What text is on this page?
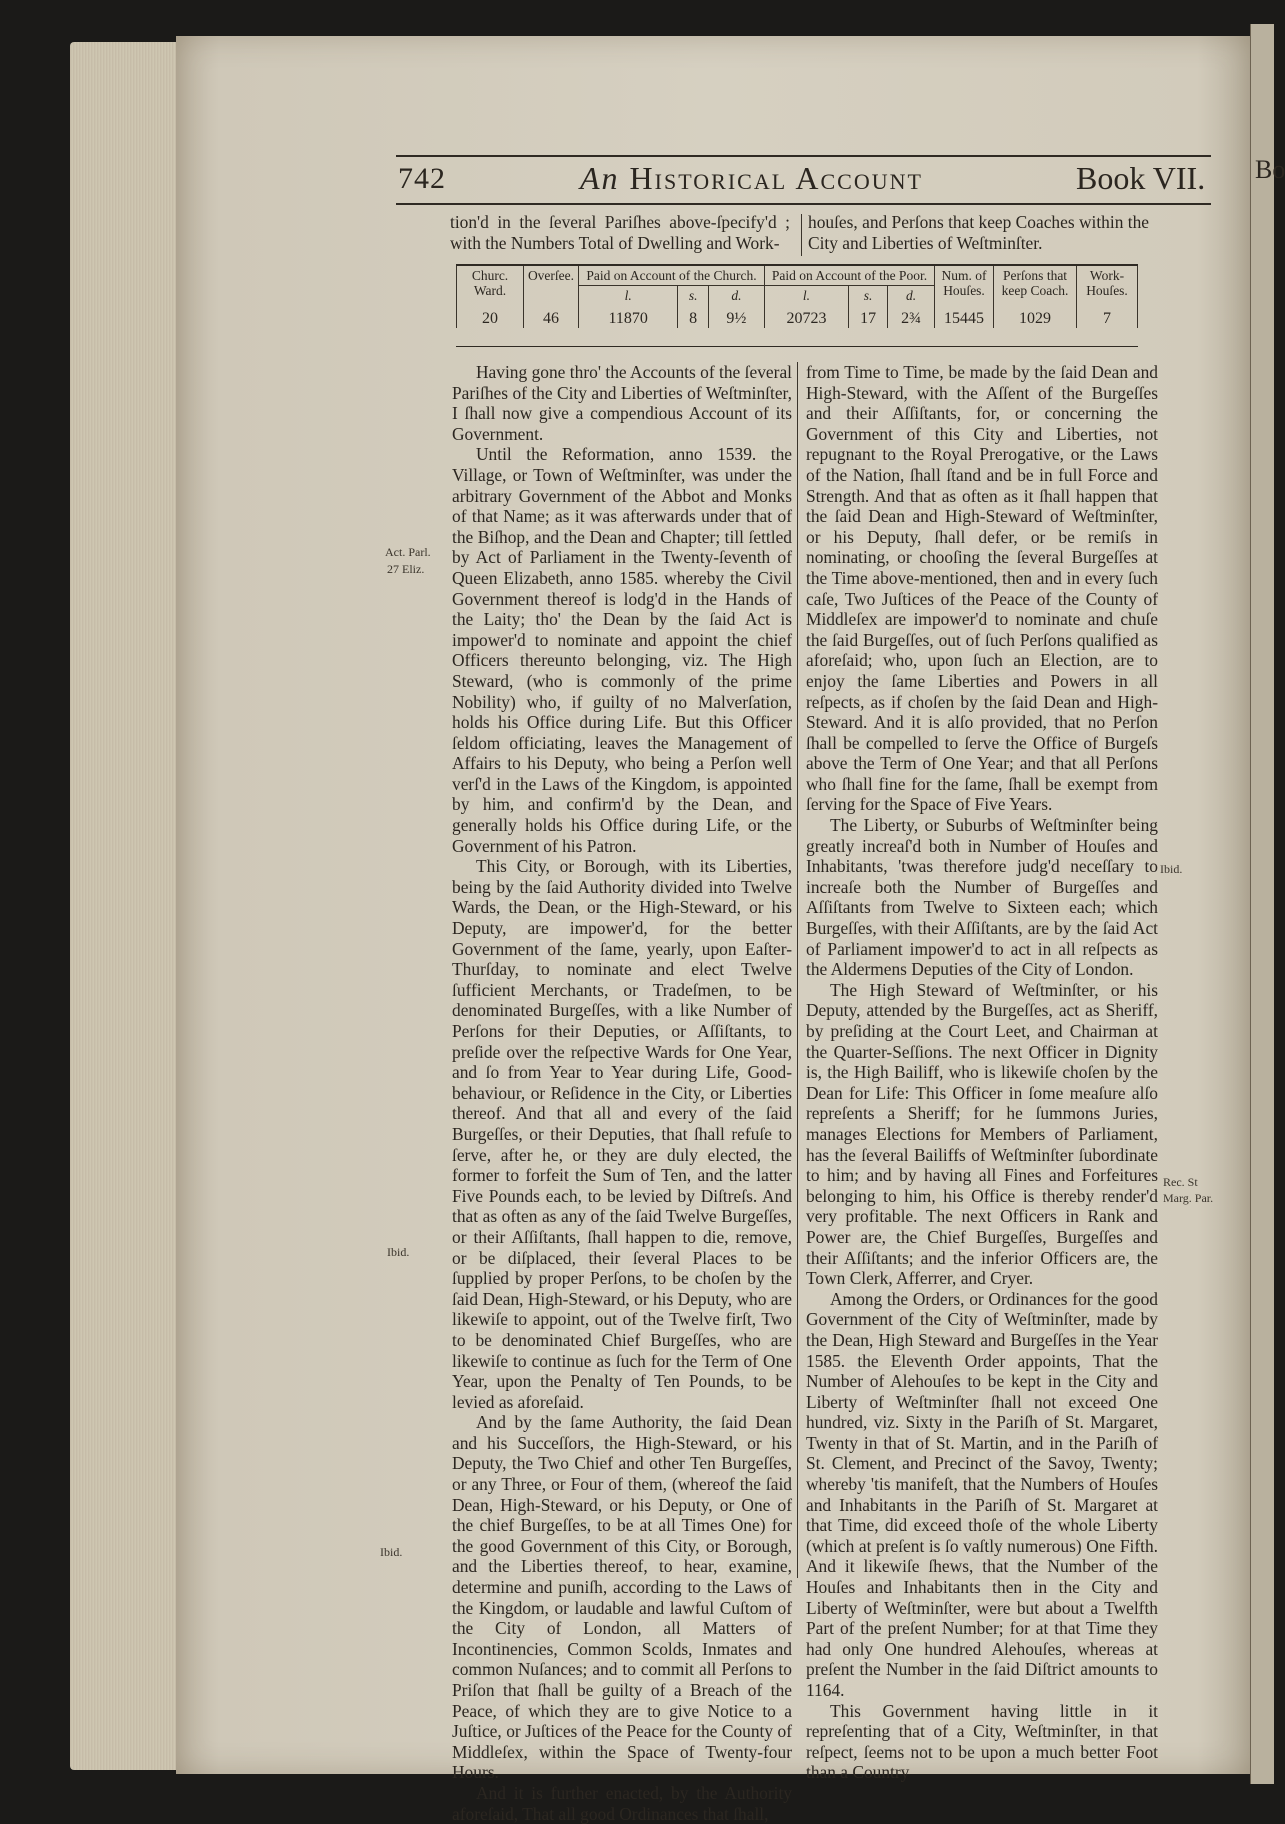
Bo
742	An Historical Account	Book VII.
tion'd in the ſeveral Pariſhes above-ſpecify'd ; with the Numbers Total of Dwelling and Work-
houſes, and Perſons that keep Coaches within the City and Liberties of Weſtminſter.
Churc. Ward.	Overſee.	Paid on Account of the Church.			Paid on Account of the Poor.			Num. of Houſes.	Perſons that keep Coach.	Work-Houſes.
		l.	s.	d.	l.	s.	d.			
20	46	11870	8	9½	20723	17	2¾	15445	1029	7

Having gone thro' the Accounts of the ſeveral Pariſhes of the City and Liberties of Weſtminſter, I ſhall now give a compendious Account of its Government.

Until the Reformation, anno 1539. the Village, or Town of Weſtminſter, was under the arbitrary Government of the Abbot and Monks of that Name; as it was afterwards under that of the Biſhop, and the Dean and Chapter; till ſettled by Act of Parliament in the Twenty-ſeventh of Queen Elizabeth, anno 1585. whereby the Civil Government thereof is lodg'd in the Hands of the Laity; tho' the Dean by the ſaid Act is impower'd to nominate and appoint the chief Officers thereunto belonging, viz. The High Steward, (who is commonly of the prime Nobility) who, if guilty of no Malverſation, holds his Office during Life. But this Officer ſeldom officiating, leaves the Management of Affairs to his Deputy, who being a Perſon well verſ'd in the Laws of the Kingdom, is appointed by him, and confirm'd by the Dean, and generally holds his Office during Life, or the Government of his Patron.

This City, or Borough, with its Liberties, being by the ſaid Authority divided into Twelve Wards, the Dean, or the High-Steward, or his Deputy, are impower'd, for the better Government of the ſame, yearly, upon Eaſter-Thurſday, to nominate and elect Twelve ſufficient Merchants, or Tradeſmen, to be denominated Burgeſſes, with a like Number of Perſons for their Deputies, or Aſſiſtants, to preſide over the reſpective Wards for One Year, and ſo from Year to Year during Life, Good-behaviour, or Reſidence in the City, or Liberties thereof. And that all and every of the ſaid Burgeſſes, or their Deputies, that ſhall refuſe to ſerve, after he, or they are duly elected, the former to forfeit the Sum of Ten, and the latter Five Pounds each, to be levied by Diſtreſs. And that as often as any of the ſaid Twelve Burgeſſes, or their Aſſiſtants, ſhall happen to die, remove, or be diſplaced, their ſeveral Places to be ſupplied by proper Perſons, to be choſen by the ſaid Dean, High-Steward, or his Deputy, who are likewiſe to appoint, out of the Twelve firſt, Two to be denominated Chief Burgeſſes, who are likewiſe to continue as ſuch for the Term of One Year, upon the Penalty of Ten Pounds, to be levied as aforeſaid.

And by the ſame Authority, the ſaid Dean and his Succeſſors, the High-Steward, or his Deputy, the Two Chief and other Ten Burgeſſes, or any Three, or Four of them, (whereof the ſaid Dean, High-Steward, or his Deputy, or One of the chief Burgeſſes, to be at all Times One) for the good Government of this City, or Borough, and the Liberties thereof, to hear, examine, determine and puniſh, according to the Laws of the Kingdom, or laudable and lawful Cuſtom of the City of London, all Matters of Incontinencies, Common Scolds, Inmates and common Nuſances; and to commit all Perſons to Priſon that ſhall be guilty of a Breach of the Peace, of which they are to give Notice to a Juſtice, or Juſtices of the Peace for the County of Middleſex, within the Space of Twenty-four Hours.

And it is further enacted, by the Authority aforeſaid, That all good Ordinances that ſhall,

from Time to Time, be made by the ſaid Dean and High-Steward, with the Aſſent of the Burgeſſes and their Aſſiſtants, for, or concerning the Government of this City and Liberties, not repugnant to the Royal Prerogative, or the Laws of the Nation, ſhall ſtand and be in full Force and Strength. And that as often as it ſhall happen that the ſaid Dean and High-Steward of Weſtminſter, or his Deputy, ſhall defer, or be remiſs in nominating, or chooſing the ſeveral Burgeſſes at the Time above-mentioned, then and in every ſuch caſe, Two Juſtices of the Peace of the County of Middleſex are impower'd to nominate and chuſe the ſaid Burgeſſes, out of ſuch Perſons qualified as aforeſaid; who, upon ſuch an Election, are to enjoy the ſame Liberties and Powers in all reſpects, as if choſen by the ſaid Dean and High-Steward. And it is alſo provided, that no Perſon ſhall be compelled to ſerve the Office of Burgeſs above the Term of One Year; and that all Perſons who ſhall fine for the ſame, ſhall be exempt from ſerving for the Space of Five Years.

The Liberty, or Suburbs of Weſtminſter being greatly increaſ'd both in Number of Houſes and Inhabitants, 'twas therefore judg'd neceſſary to increaſe both the Number of Burgeſſes and Aſſiſtants from Twelve to Sixteen each; which Burgeſſes, with their Aſſiſtants, are by the ſaid Act of Parliament impower'd to act in all reſpects as the Aldermens Deputies of the City of London.

The High Steward of Weſtminſter, or his Deputy, attended by the Burgeſſes, act as Sheriff, by preſiding at the Court Leet, and Chairman at the Quarter-Seſſions. The next Officer in Dignity is, the High Bailiff, who is likewiſe choſen by the Dean for Life: This Officer in ſome meaſure alſo repreſents a Sheriff; for he ſummons Juries, manages Elections for Members of Parliament, has the ſeveral Bailiffs of Weſtminſter ſubordinate to him; and by having all Fines and Forfeitures belonging to him, his Office is thereby render'd very profitable. The next Officers in Rank and Power are, the Chief Burgeſſes, Burgeſſes and their Aſſiſtants; and the inferior Officers are, the Town Clerk, Afferrer, and Cryer.

Among the Orders, or Ordinances for the good Government of the City of Weſtminſter, made by the Dean, High Steward and Burgeſſes in the Year 1585. the Eleventh Order appoints, That the Number of Alehouſes to be kept in the City and Liberty of Weſtminſter ſhall not exceed One hundred, viz. Sixty in the Pariſh of St. Margaret, Twenty in that of St. Martin, and in the Pariſh of St. Clement, and Precinct of the Savoy, Twenty; whereby 'tis manifeſt, that the Numbers of Houſes and Inhabitants in the Pariſh of St. Margaret at that Time, did exceed thoſe of the whole Liberty (which at preſent is ſo vaſtly numerous) One Fifth. And it likewiſe ſhews, that the Number of the Houſes and Inhabitants then in the City and Liberty of Weſtminſter, were but about a Twelfth Part of the preſent Number; for at that Time they had only One hundred Alehouſes, whereas at preſent the Number in the ſaid Diſtrict amounts to 1164.

This Government having little in it repreſenting that of a City, Weſtminſter, in that reſpect, ſeems not to be upon a much better Foot than a Country

Act. Parl.
27 Eliz.
Ibid.
Ibid.
Ibid.
Rec. St
Marg. Par.
